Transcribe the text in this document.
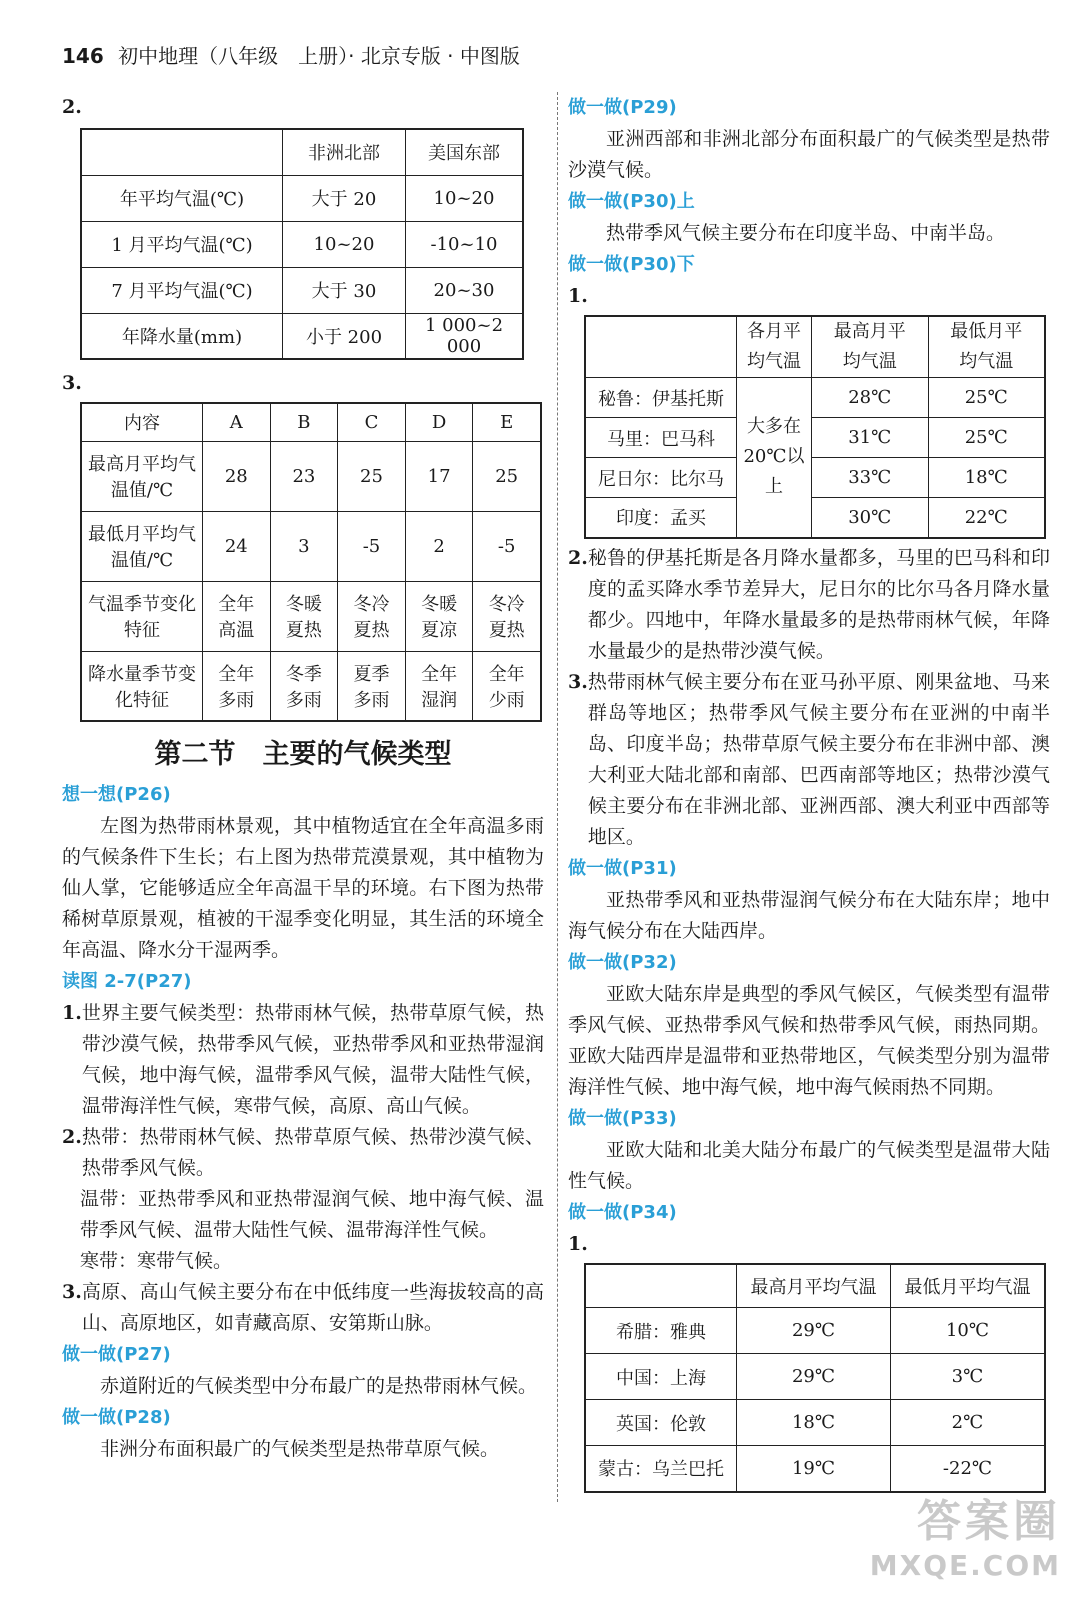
146 初中地理（八年级　上册）· 北京专版 · 中图版
2.
	非洲北部	美国东部
年平均气温(℃)	大于 20	10~20
1 月平均气温(℃)	10~20	-10~10
7 月平均气温(℃)	大于 30	20~30
年降水量(mm)	小于 200	1 000~2 000
3.
内容	A	B	C	D	E
最高月平均气温值/℃	28	23	25	17	25
最低月平均气温值/℃	24	3	-5	2	-5
气温季节变化特征	全年高温	冬暖夏热	冬冷夏热	冬暖夏凉	冬冷夏热
降水量季节变化特征	全年多雨	冬季多雨	夏季多雨	全年湿润	全年少雨
第二节　主要的气候类型
想一想(P26)

左图为热带雨林景观，其中植物适宜在全年高温多雨的气候条件下生长；右上图为热带荒漠景观，其中植物为仙人掌，它能够适应全年高温干旱的环境。右下图为热带稀树草原景观，植被的干湿季变化明显，其生活的环境全年高温、降水分干湿两季。

读图 2-7(P27)
1. 世界主要气候类型：热带雨林气候，热带草原气候，热带沙漠气候，热带季风气候，亚热带季风和亚热带湿润气候，地中海气候，温带季风气候，温带大陆性气候，温带海洋性气候，寒带气候，高原、高山气候。
2. 热带：热带雨林气候、热带草原气候、热带沙漠气候、热带季风气候。
温带：亚热带季风和亚热带湿润气候、地中海气候、温带季风气候、温带大陆性气候、温带海洋性气候。
寒带：寒带气候。
3. 高原、高山气候主要分布在中低纬度一些海拔较高的高山、高原地区，如青藏高原、安第斯山脉。
做一做(P27)

赤道附近的气候类型中分布最广的是热带雨林气候。

做一做(P28)

非洲分布面积最广的气候类型是热带草原气候。

做一做(P29)

亚洲西部和非洲北部分布面积最广的气候类型是热带沙漠气候。

做一做(P30)上

热带季风气候主要分布在印度半岛、中南半岛。

做一做(P30)下
1.
	各月平均气温	最高月平均气温	最低月平均气温
秘鲁：伊基托斯	大多在20℃以上	28℃	25℃
马里：巴马科		31℃	25℃
尼日尔：比尔马		33℃	18℃
印度：孟买		30℃	22℃
2. 秘鲁的伊基托斯是各月降水量都多，马里的巴马科和印度的孟买降水季节差异大，尼日尔的比尔马各月降水量都少。四地中，年降水量最多的是热带雨林气候，年降水量最少的是热带沙漠气候。
3. 热带雨林气候主要分布在亚马孙平原、刚果盆地、马来群岛等地区；热带季风气候主要分布在亚洲的中南半岛、印度半岛；热带草原气候主要分布在非洲中部、澳大利亚大陆北部和南部、巴西南部等地区；热带沙漠气候主要分布在非洲北部、亚洲西部、澳大利亚中西部等地区。
做一做(P31)

亚热带季风和亚热带湿润气候分布在大陆东岸；地中海气候分布在大陆西岸。

做一做(P32)

亚欧大陆东岸是典型的季风气候区，气候类型有温带季风气候、亚热带季风气候和热带季风气候，雨热同期。亚欧大陆西岸是温带和亚热带地区，气候类型分别为温带海洋性气候、地中海气候，地中海气候雨热不同期。

做一做(P33)

亚欧大陆和北美大陆分布最广的气候类型是温带大陆性气候。

做一做(P34)
1.
	最高月平均气温	最低月平均气温
希腊：雅典	29℃	10℃
中国：上海	29℃	3℃
英国：伦敦	18℃	2℃
蒙古：乌兰巴托	19℃	-22℃
答案圈
MXQE.COM
